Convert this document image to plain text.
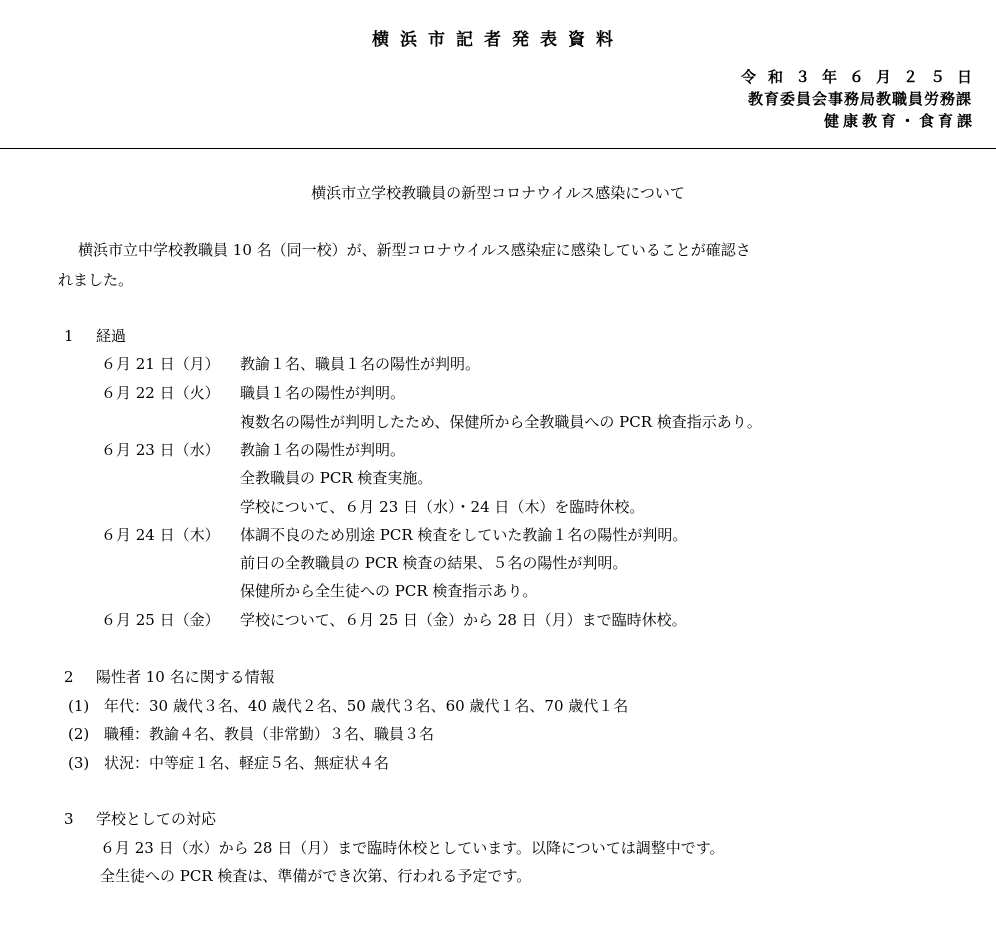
横浜市記者発表資料
令和３年６月２５日
教育委員会事務局教職員労務課
健康教育・食育課
横浜市立学校教職員の新型コロナウイルス感染について
横浜市立中学校教職員 10 名（同一校）が、新型コロナウイルス感染症に感染していることが確認さ
れました。
1 経過
６月 21 日（月） 教諭１名、職員１名の陽性が判明。
６月 22 日（火） 職員１名の陽性が判明。
複数名の陽性が判明したため、保健所から全教職員への PCR 検査指示あり。
６月 23 日（水） 教諭１名の陽性が判明。
全教職員の PCR 検査実施。
学校について、６月 23 日（水）・24 日（木）を臨時休校。
６月 24 日（木） 体調不良のため別途 PCR 検査をしていた教諭１名の陽性が判明。
前日の全教職員の PCR 検査の結果、５名の陽性が判明。
保健所から全生徒への PCR 検査指示あり。
６月 25 日（金） 学校について、６月 25 日（金）から 28 日（月）まで臨時休校。
2 陽性者 10 名に関する情報
(1) 年代：30 歳代３名、40 歳代２名、50 歳代３名、60 歳代１名、70 歳代１名
(2) 職種：教諭４名、教員（非常勤）３名、職員３名
(3) 状況：中等症１名、軽症５名、無症状４名
3 学校としての対応
６月 23 日（水）から 28 日（月）まで臨時休校としています。以降については調整中です。
全生徒への PCR 検査は、準備ができ次第、行われる予定です。
